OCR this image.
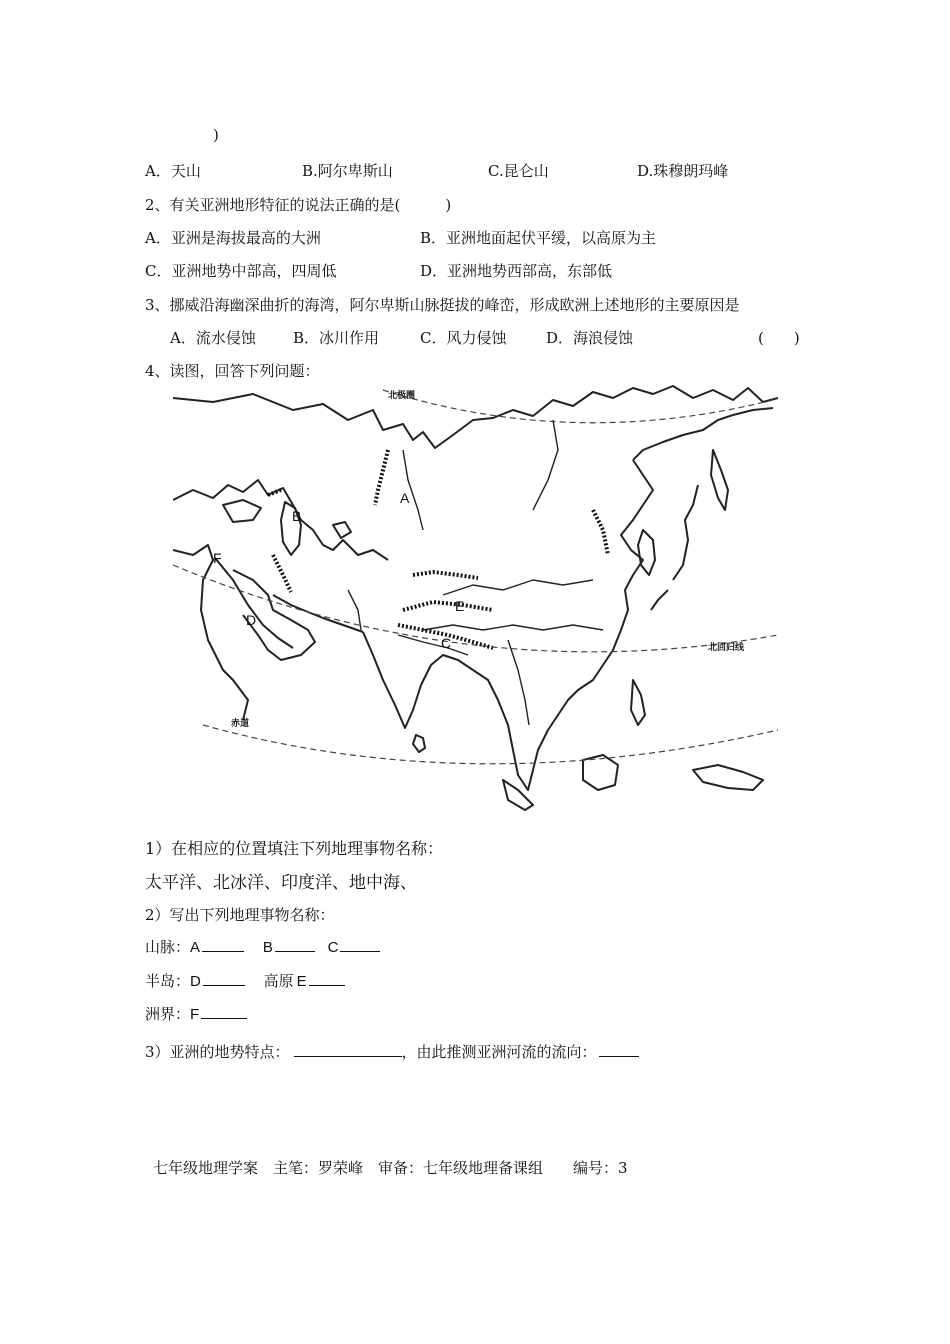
)
A．天山	B.阿尔卑斯山	C.昆仑山	D.珠穆朗玛峰
2、有关亚洲地形特征的说法正确的是(　　　)
A．亚洲是海拔最高的大洲	B．亚洲地面起伏平缓，以高原为主
C．亚洲地势中部高，四周低	D．亚洲地势西部高，东部低
3、挪威沿海幽深曲折的海湾，阿尔卑斯山脉挺拔的峰峦，形成欧洲上述地形的主要原因是
A．流水侵蚀 B．冰川作用	C．风力侵蚀	D．海浪侵蚀	(　　)
4、读图，回答下列问题：
北极圈
北回归线
赤道
A
B
C
D
E
F
1）在相应的位置填注下列地理事物名称：
太平洋、北冰洋、印度洋、地中海、
2）写出下列地理事物名称：
山脉：A	B	C
半岛：D	高原 E
洲界：F
3）亚洲的地势特点：	，由此推测亚洲河流的流向：
七年级地理学案　主笔：罗荣峰　审备：七年级地理备课组　　编号：3
